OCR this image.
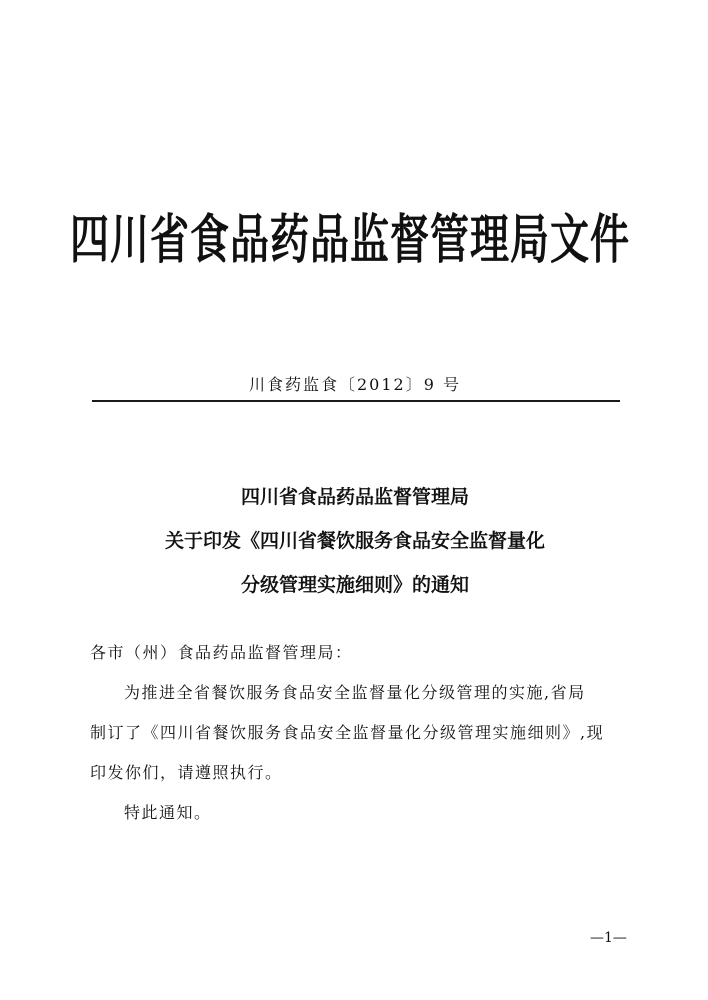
四川省食品药品监督管理局文件
川食药监食〔2012〕9 号
四川省食品药品监督管理局
关于印发《四川省餐饮服务食品安全监督量化
分级管理实施细则》的通知
各市（州）食品药品监督管理局：
为推进全省餐饮服务食品安全监督量化分级管理的实施,省局
制订了《四川省餐饮服务食品安全监督量化分级管理实施细则》,现
印发你们，请遵照执行。
特此通知。
—1—
